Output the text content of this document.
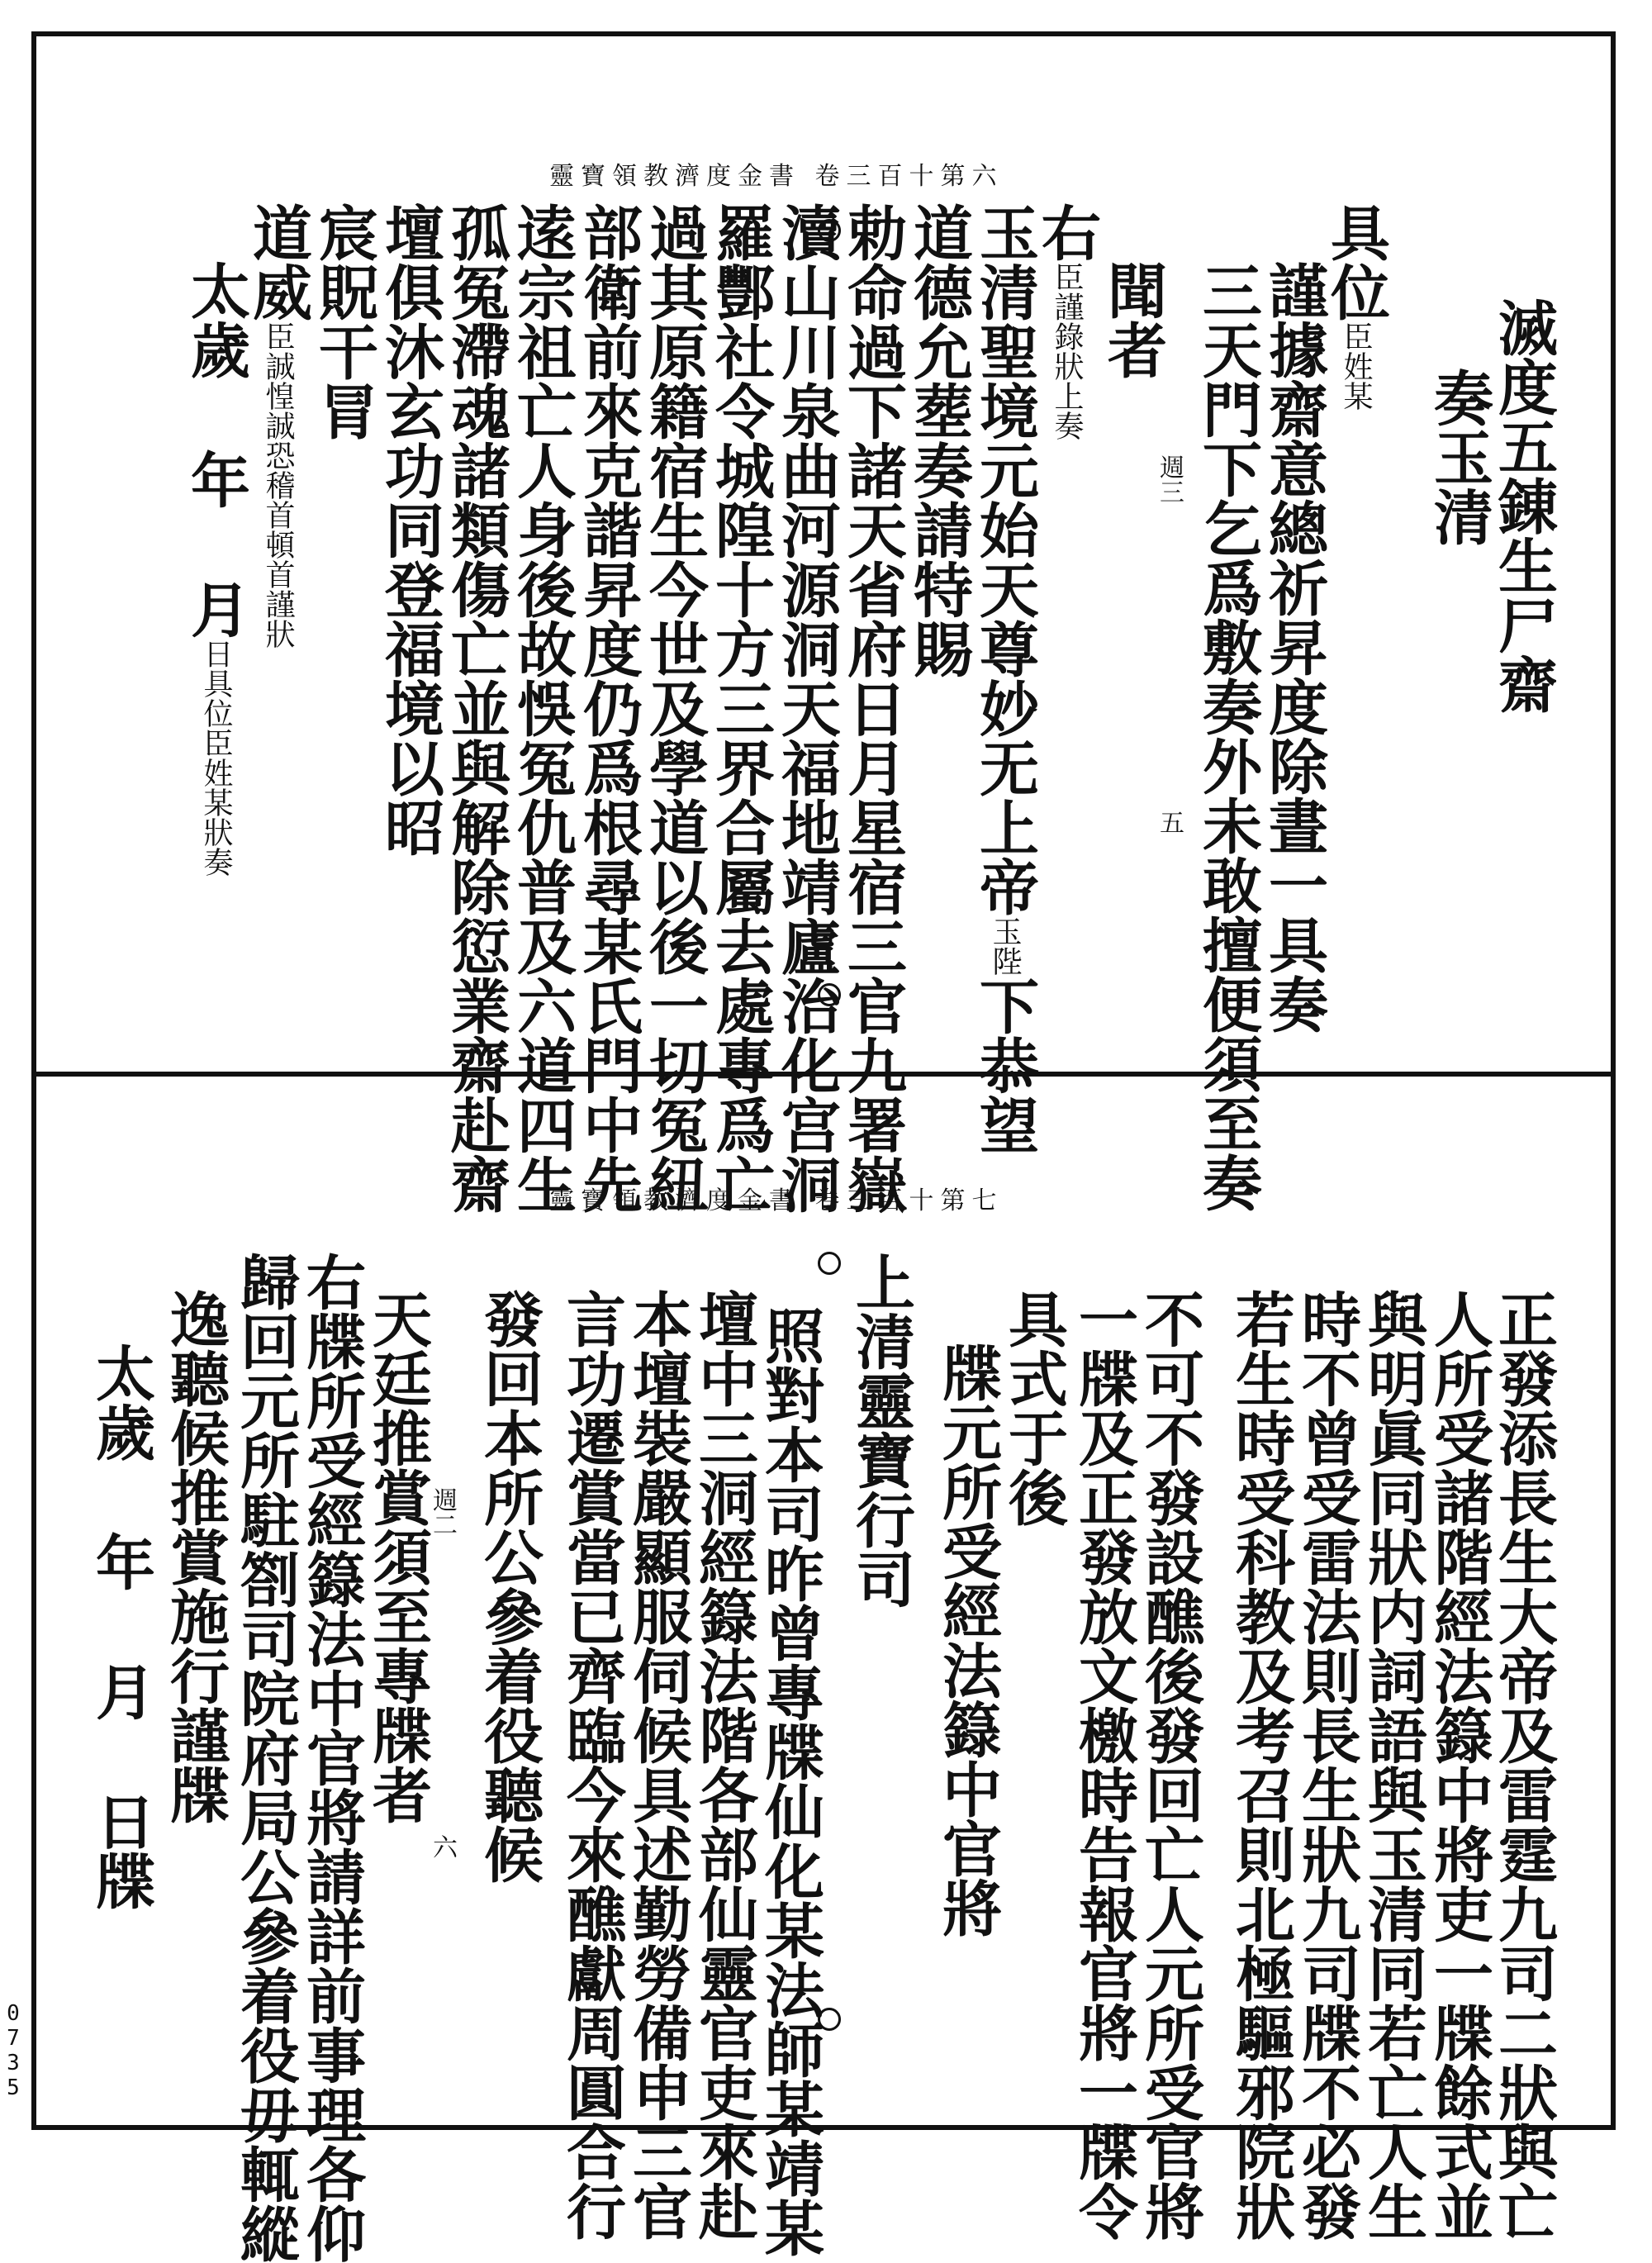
靈寶領教濟度金書 卷三百十第六
滅度五錬生尸齋
奏玉清
具位臣姓某
謹據齋意總祈昇度除晝一具奏
三天門下乞爲敷奏外未敢擅便須至奏
週三
五
聞者
右臣謹錄狀上奏
玉清聖境元始天尊妙无上帝玉陛下恭望
道德允塟奏請特賜
勅命過下諸天省府日月星宿三官九署嶽
瀆山川泉曲河源洞天福地靖廬治化宫洞
羅酆社令城隍十方三界合屬去處專爲亡
過其原籍宿生今世及學道以後一切冤紐
部衛前來克諧昇度仍爲根尋某氏門中先
逺宗祖亡人身後故悞冤仇普及六道四生
孤冤滯魂諸類傷亡並與解除愆業齋赴齋
壇俱沐玄功同登福境以昭
宸貺干冐
道威臣誠惶誠恐稽首頓首謹狀
太歲 年 月日具位臣姓某狀奏
靈寶領教濟度金書 卷三百十第七
正發添長生大帝及雷霆九司二狀與亡
人所受諸階經法籙中將吏一牒餘式並
與明眞同狀内詞語與玉清同若亡人生
時不曾受雷法則長生狀九司牒不必發
若生時受科教及考召則北極驅邪院狀
不可不發設醮後發回亡人元所受官將
一牒及正發放文檄時告報官將一牒令
具式于後
牒元所受經法籙中官將
上清靈寶行司
照對本司昨曾專牒仙化某法師某靖某
壇中三洞經籙法階各部仙靈官吏來赴
本壇裝嚴顯服伺候具述勤勞備申三官
言功遷賞當已齊臨今來醮獻周圓合行
發回本所公參着役聽候
週二
六
天廷推賞須至專牒者
右牒所受經籙法中官將請詳前事理各仰
歸回元所駐劄司院府局公參着役毋輒縱
逸聽候推賞施行謹牒
太歲 年 月 日牒
0735
